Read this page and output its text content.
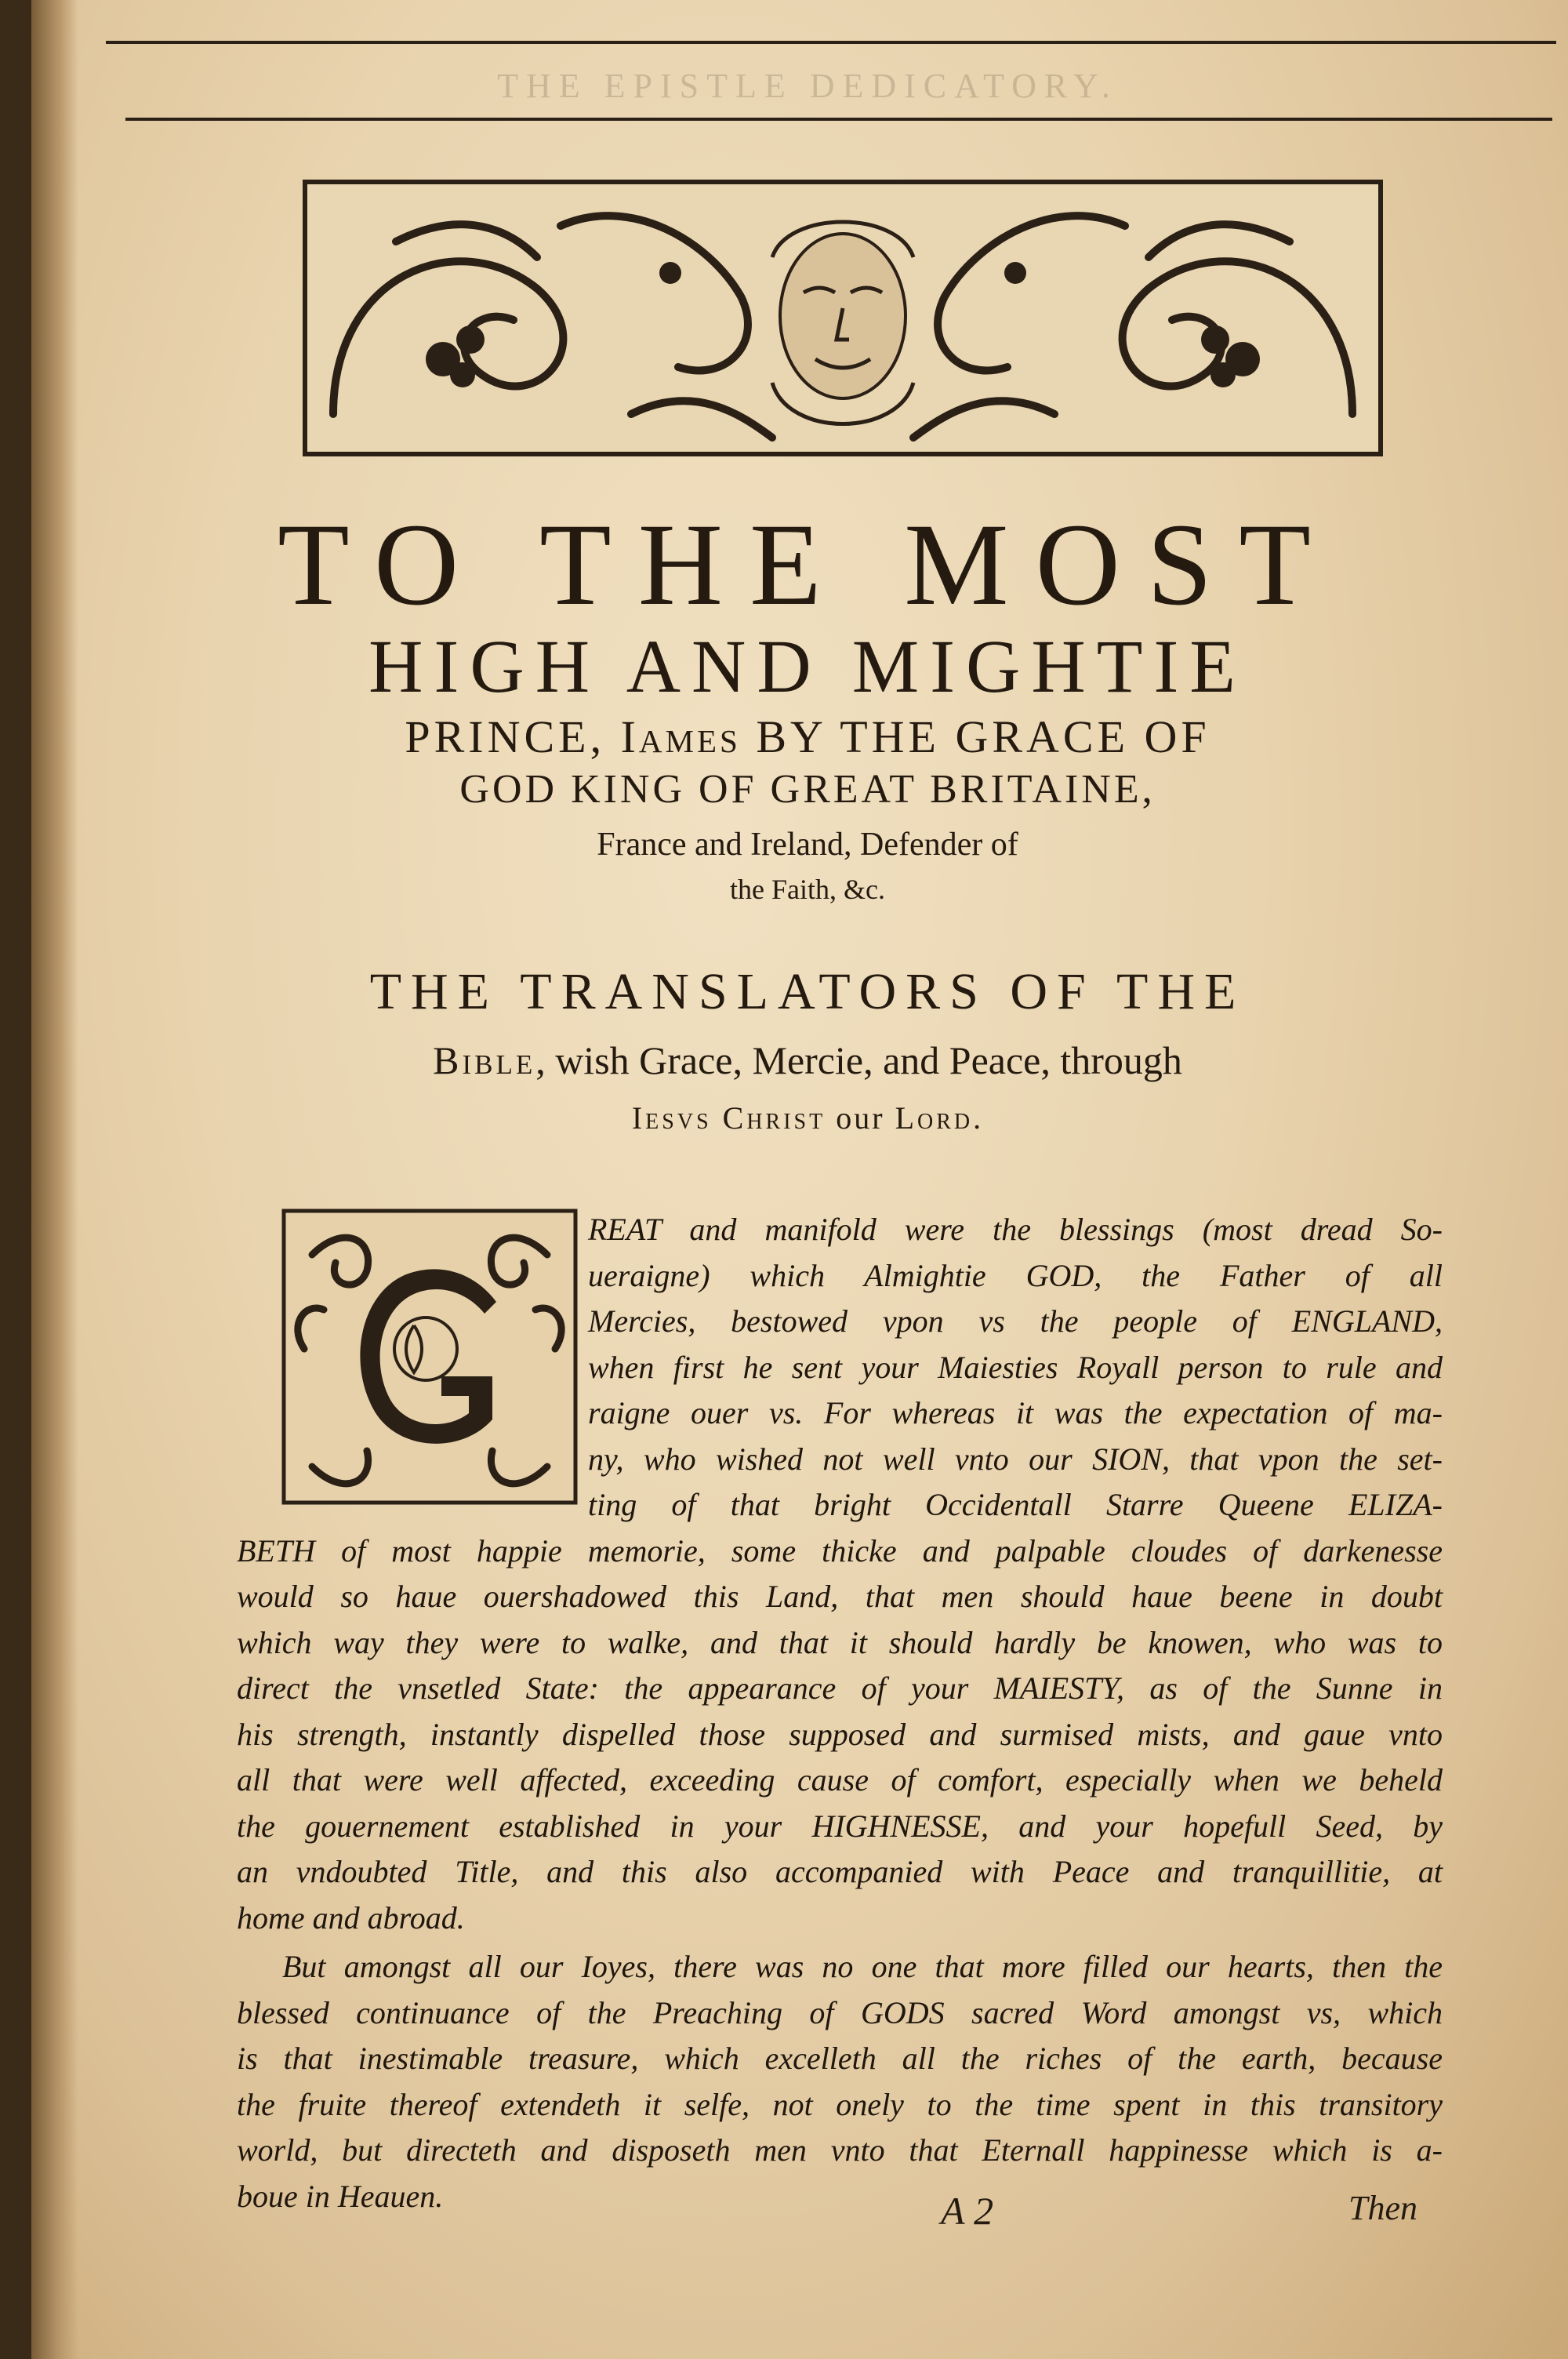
THE EPISTLE DEDICATORY.
TO THE MOST
HIGH AND MIGHTIE
PRINCE, Iames BY THE GRACE OF
GOD KING OF GREAT BRITAINE,
France and Ireland, Defender of
the Faith, &c.
THE TRANSLATORS OF THE
Bible, wish Grace, Mercie, and Peace, through
Iesvs Christ our Lord.
REAT and manifold were the blessings (most dread So-
ueraigne) which Almightie GOD, the Father of all
Mercies, bestowed vpon vs the people of ENGLAND,
when first he sent your Maiesties Royall person to rule and
raigne ouer vs. For whereas it was the expectation of ma-
ny, who wished not well vnto our SION, that vpon the set-
ting of that bright Occidentall Starre Queene ELIZA-
BETH of most happie memorie, some thicke and palpable cloudes of darkenesse
would so haue ouershadowed this Land, that men should haue beene in doubt
which way they were to walke, and that it should hardly be knowen, who was to
direct the vnsetled State: the appearance of your MAIESTY, as of the Sunne in
his strength, instantly dispelled those supposed and surmised mists, and gaue vnto
all that were well affected, exceeding cause of comfort, especially when we beheld
the gouernement established in your HIGHNESSE, and your hopefull Seed, by
an vndoubted Title, and this also accompanied with Peace and tranquillitie, at
home and abroad.
But amongst all our Ioyes, there was no one that more filled our hearts, then the
blessed continuance of the Preaching of GODS sacred Word amongst vs, which
is that inestimable treasure, which excelleth all the riches of the earth, because
the fruite thereof extendeth it selfe, not onely to the time spent in this transitory
world, but directeth and disposeth men vnto that Eternall happinesse which is a-
boue in Heauen.	A 2	Then
